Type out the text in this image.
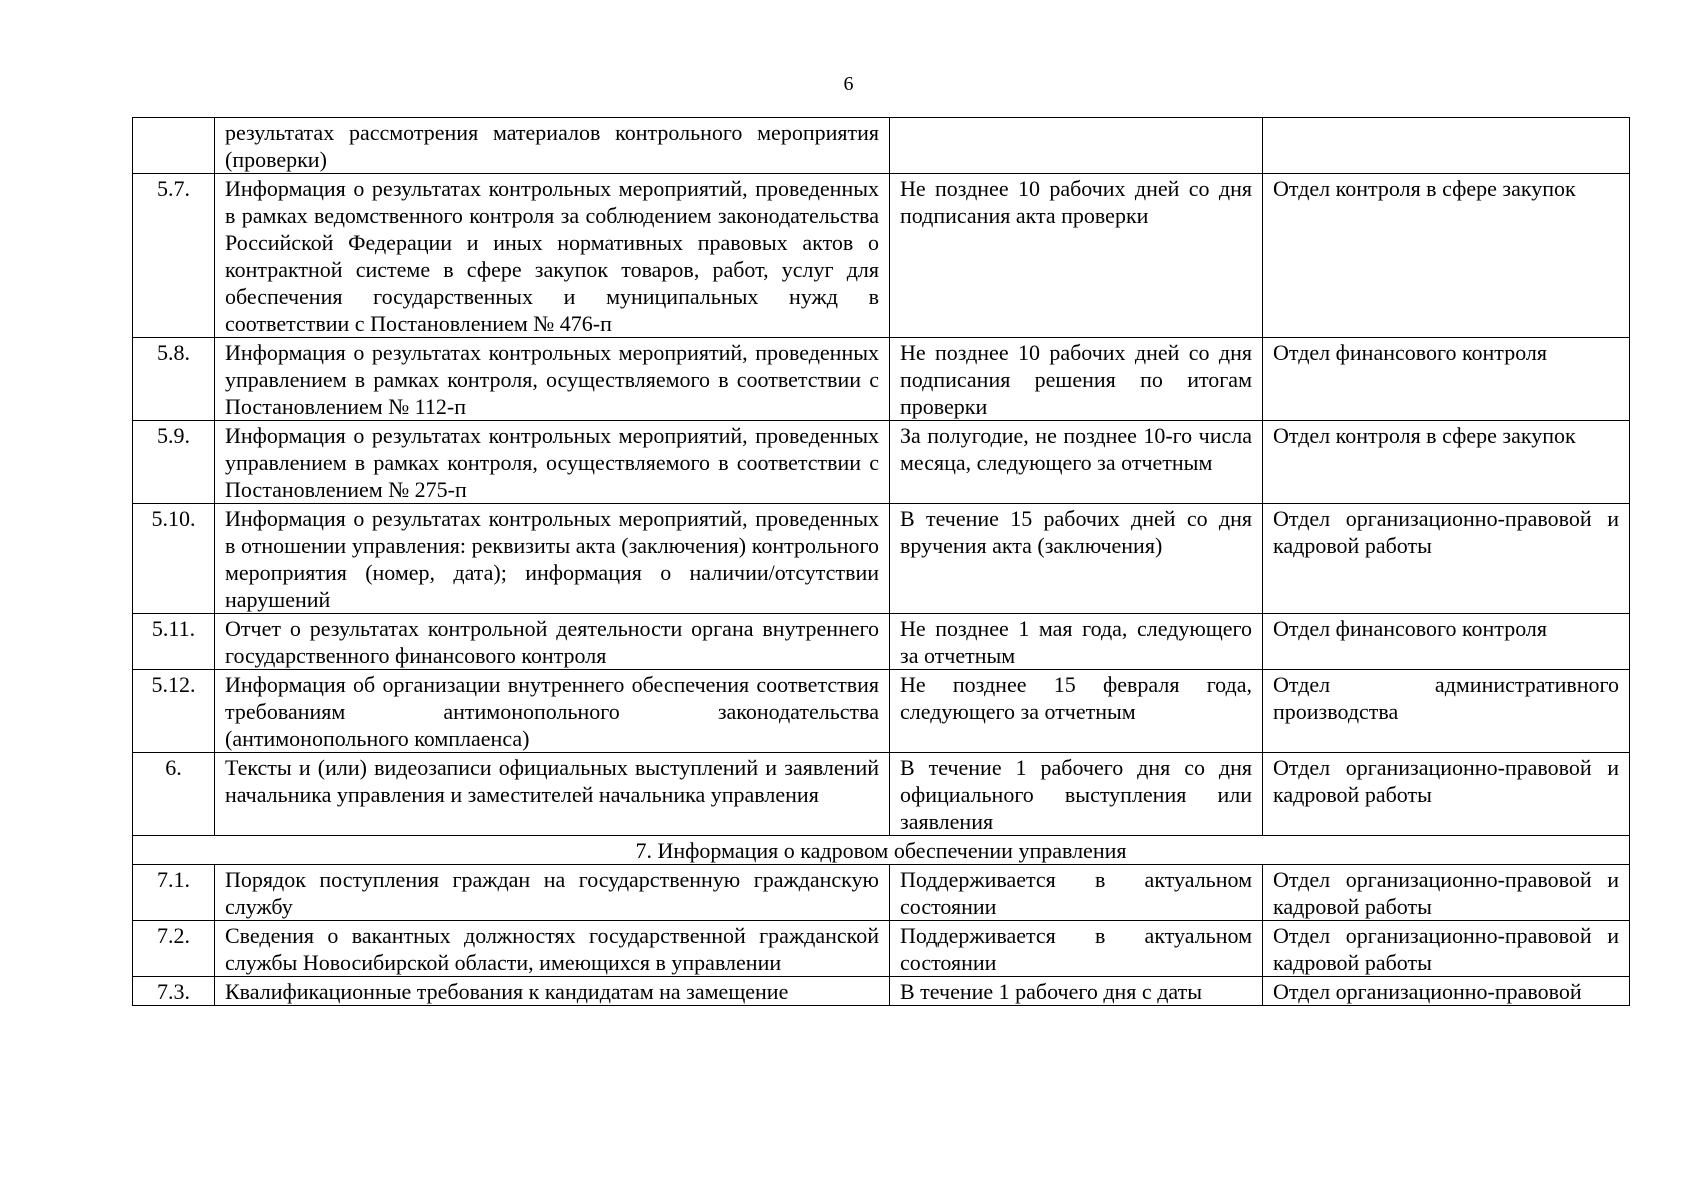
6
	результатах рассмотрения материалов контрольного мероприятия (проверки)		
5.7.	Информация о результатах контрольных мероприятий, проведенных в рамках ведомственного контроля за соблюдением законодательства Российской Федерации и иных нормативных правовых актов о контрактной системе в сфере закупок товаров, работ, услуг для обеспечения государственных и муниципальных нужд в соответствии с Постановлением № 476-п	Не позднее 10 рабочих дней со дня подписания акта проверки	Отдел контроля в сфере закупок
5.8.	Информация о результатах контрольных мероприятий, проведенных управлением в рамках контроля, осуществляемого в соответствии с Постановлением № 112-п	Не позднее 10 рабочих дней со дня подписания решения по итогам проверки	Отдел финансового контроля
5.9.	Информация о результатах контрольных мероприятий, проведенных управлением в рамках контроля, осуществляемого в соответствии с Постановлением № 275-п	За полугодие, не позднее 10-го числа месяца, следующего за отчетным	Отдел контроля в сфере закупок
5.10.	Информация о результатах контрольных мероприятий, проведенных в отношении управления: реквизиты акта (заключения) контрольного мероприятия (номер, дата); информация о наличии/отсутствии нарушений	В течение 15 рабочих дней со дня вручения акта (заключения)	Отдел организационно-правовой и кадровой работы
5.11.	Отчет о результатах контрольной деятельности органа внутреннего государственного финансового контроля	Не позднее 1 мая года, следующего за отчетным	Отдел финансового контроля
5.12.	Информация об организации внутреннего обеспечения соответствия требованиям антимонопольного законодательства (антимонопольного комплаенса)	Не позднее 15 февраля года, следующего за отчетным	Отдел административного производства
6.	Тексты и (или) видеозаписи официальных выступлений и заявлений начальника управления и заместителей начальника управления	В течение 1 рабочего дня со дня официального выступления или заявления	Отдел организационно-правовой и кадровой работы
7. Информация о кадровом обеспечении управления			
7.1.	Порядок поступления граждан на государственную гражданскую службу	Поддерживается в актуальном состоянии	Отдел организационно-правовой и кадровой работы
7.2.	Сведения о вакантных должностях государственной гражданской службы Новосибирской области, имеющихся в управлении	Поддерживается в актуальном состоянии	Отдел организационно-правовой и кадровой работы
7.3.	Квалификационные требования к кандидатам на замещение	В течение 1 рабочего дня с даты	Отдел организационно-правовой
